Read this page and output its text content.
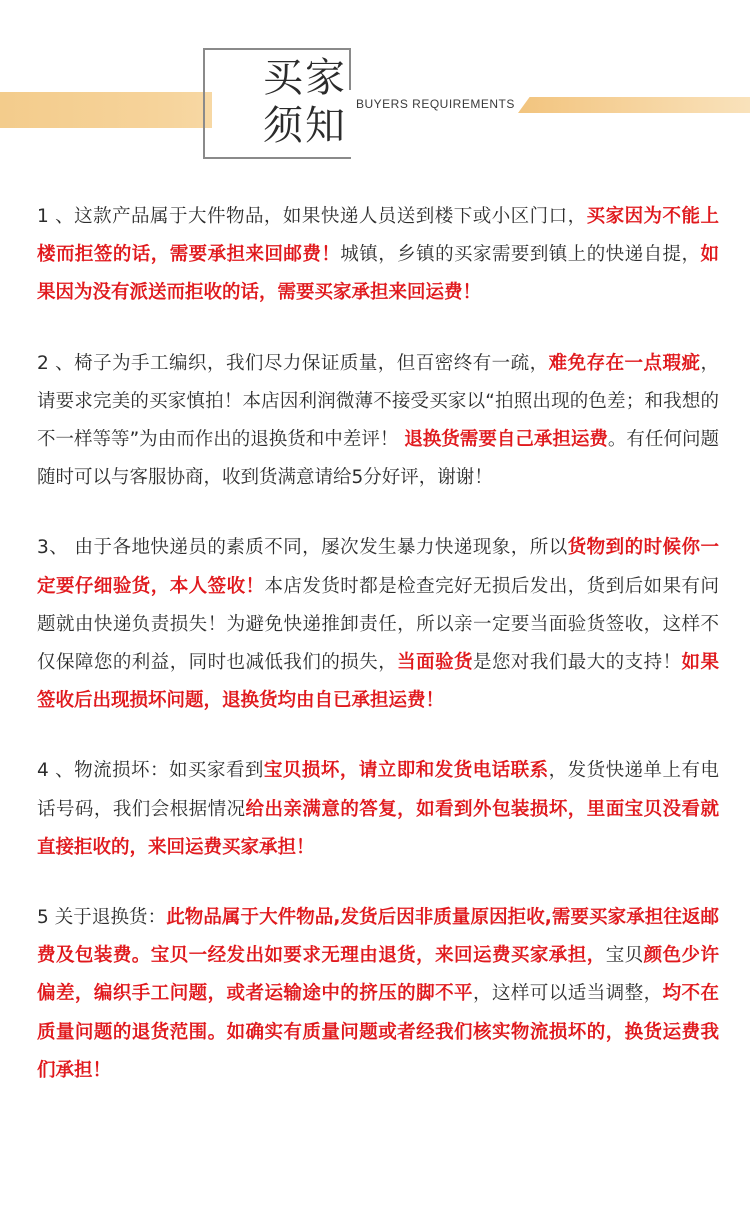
买家
须知 BUYERS REQUIREMENTS

1 、这款产品属于大件物品，如果快递人员送到楼下或小区门口，买家因为不能上楼而拒签的话，需要承担来回邮费！城镇，乡镇的买家需要到镇上的快递自提，如果因为没有派送而拒收的话，需要买家承担来回运费！

2 、椅子为手工编织，我们尽力保证质量，但百密终有一疏，难免存在一点瑕疵，请要求完美的买家慎拍！本店因利润微薄不接受买家以“拍照出现的色差；和我想的不一样等等”为由而作出的退换货和中差评！ 退换货需要自己承担运费。有任何问题随时可以与客服协商，收到货满意请给5分好评，谢谢！

3、 由于各地快递员的素质不同，屡次发生暴力快递现象，所以货物到的时候你一定要仔细验货，本人签收！本店发货时都是检查完好无损后发出，货到后如果有问题就由快递负责损失！为避免快递推卸责任，所以亲一定要当面验货签收，这样不仅保障您的利益，同时也减低我们的损失，当面验货是您对我们最大的支持！如果签收后出现损坏问题，退换货均由自已承担运费！

4 、物流损坏：如买家看到宝贝损坏，请立即和发货电话联系，发货快递单上有电话号码，我们会根据情况给出亲满意的答复，如看到外包装损坏，里面宝贝没看就直接拒收的，来回运费买家承担！

5 关于退换货：此物品属于大件物品,发货后因非质量原因拒收,需要买家承担往返邮费及包装费。宝贝一经发出如要求无理由退货，来回运费买家承担，宝贝颜色少许偏差，编织手工问题，或者运输途中的挤压的脚不平，这样可以适当调整，均不在质量问题的退货范围。如确实有质量问题或者经我们核实物流损坏的，换货运费我们承担！
